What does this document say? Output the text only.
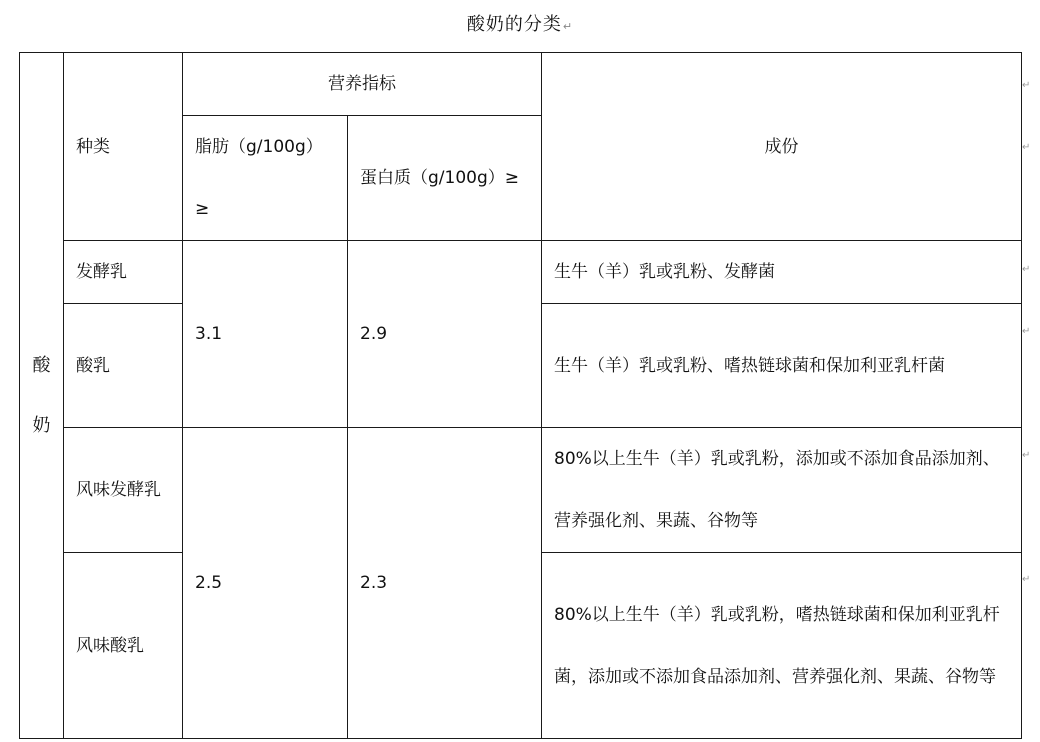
酸奶的分类↵
酸奶	种类	营养指标		成份
		脂肪（g/100g）≥	蛋白质（g/100g）≥	
	发酵乳	3.1	2.9	生牛（羊）乳或乳粉、发酵菌
	酸乳			生牛（羊）乳或乳粉、嗜热链球菌和保加利亚乳杆菌
	风味发酵乳	2.5	2.3	80%以上生牛（羊）乳或乳粉，添加或不添加食品添加剂、营养强化剂、果蔬、谷物等
	风味酸乳			80%以上生牛（羊）乳或乳粉，嗜热链球菌和保加利亚乳杆菌，添加或不添加食品添加剂、营养强化剂、果蔬、谷物等
↵
↵
↵
↵
↵
↵
